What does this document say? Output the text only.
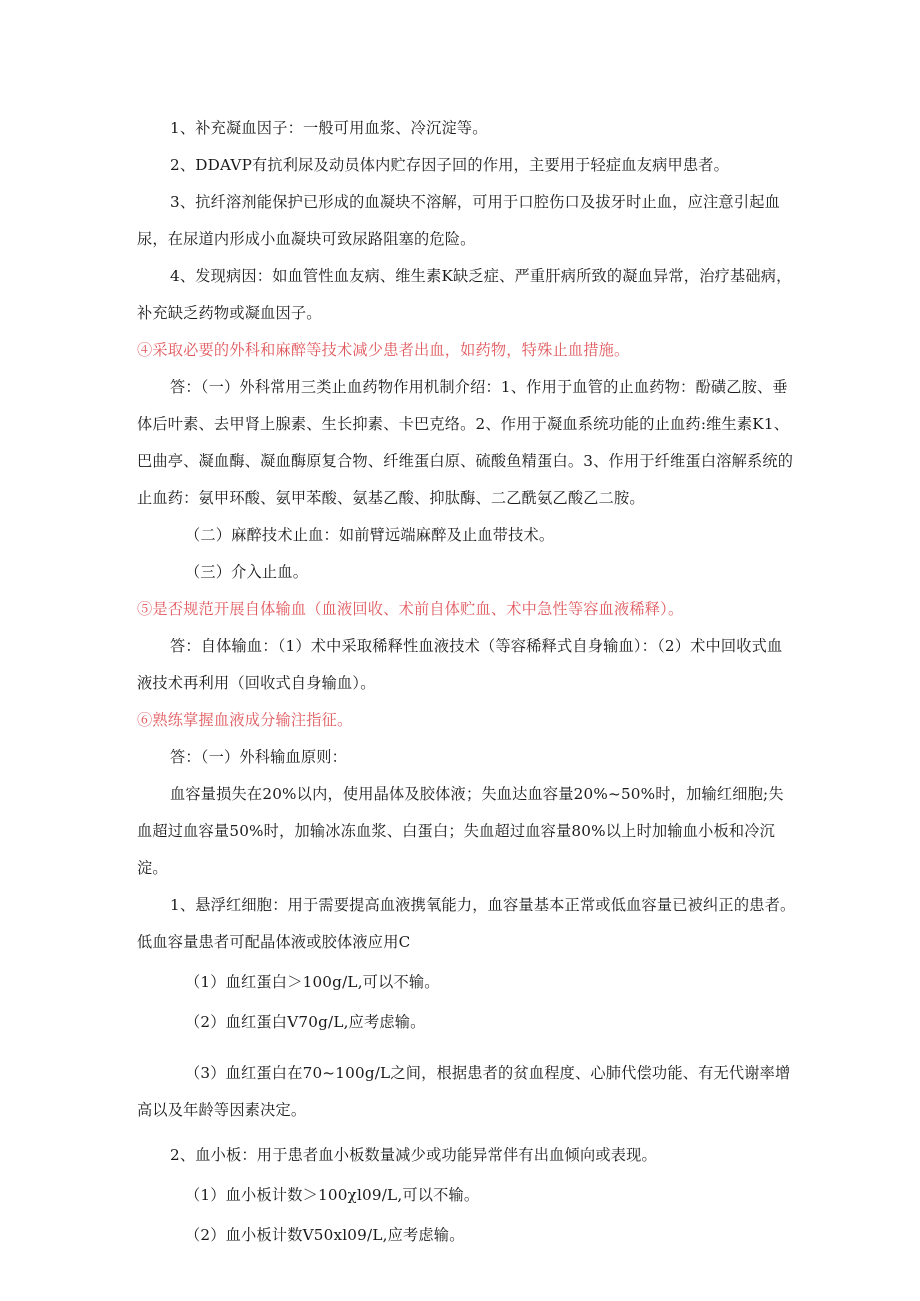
1、补充凝血因子：一般可用血浆、冷沉淀等。

2、DDAVP有抗利尿及动员体内贮存因子回的作用，主要用于轻症血友病甲患者。

3、抗纤溶剂能保护已形成的血凝块不溶解，可用于口腔伤口及拔牙时止血，应注意引起血尿，在尿道内形成小血凝块可致尿路阻塞的危险。

4、发现病因：如血管性血友病、维生素K缺乏症、严重肝病所致的凝血异常，治疗基础病，补充缺乏药物或凝血因子。

④采取必要的外科和麻醉等技术减少患者出血，如药物，特殊止血措施。

答：（一）外科常用三类止血药物作用机制介绍：1、作用于血管的止血药物：酚磺乙胺、垂体后叶素、去甲肾上腺素、生长抑素、卡巴克络。2、作用于凝血系统功能的止血药:维生素K1、巴曲亭、凝血酶、凝血酶原复合物、纤维蛋白原、硫酸鱼精蛋白。3、作用于纤维蛋白溶解系统的止血药：氨甲环酸、氨甲苯酸、氨基乙酸、抑肽酶、二乙酰氨乙酸乙二胺。

（二）麻醉技术止血：如前臂远端麻醉及止血带技术。

（三）介入止血。

⑤是否规范开展自体输血（血液回收、术前自体贮血、术中急性等容血液稀释）。

答：自体输血：（1）术中采取稀释性血液技术（等容稀释式自身输血）：（2）术中回收式血液技术再利用（回收式自身输血）。

⑥熟练掌握血液成分输注指征。

答：（一）外科输血原则：

血容量损失在20%以内，使用晶体及胶体液；失血达血容量20%~50%时，加输红细胞;失血超过血容量50%时，加输冰冻血浆、白蛋白；失血超过血容量80%以上时加输血小板和冷沉淀。

1、悬浮红细胞：用于需要提高血液携氧能力，血容量基本正常或低血容量已被纠正的患者。低血容量患者可配晶体液或胶体液应用C

（1）血红蛋白＞100g∕L,可以不输。

（2）血红蛋白V70g∕L,应考虑输。

（3）血红蛋白在70~100g∕L之间，根据患者的贫血程度、心肺代偿功能、有无代谢率增高以及年龄等因素决定。

2、血小板：用于患者血小板数量减少或功能异常伴有出血倾向或表现。

（1）血小板计数＞100χl09∕L,可以不输。

（2）血小板计数V50xl09∕L,应考虑输。
